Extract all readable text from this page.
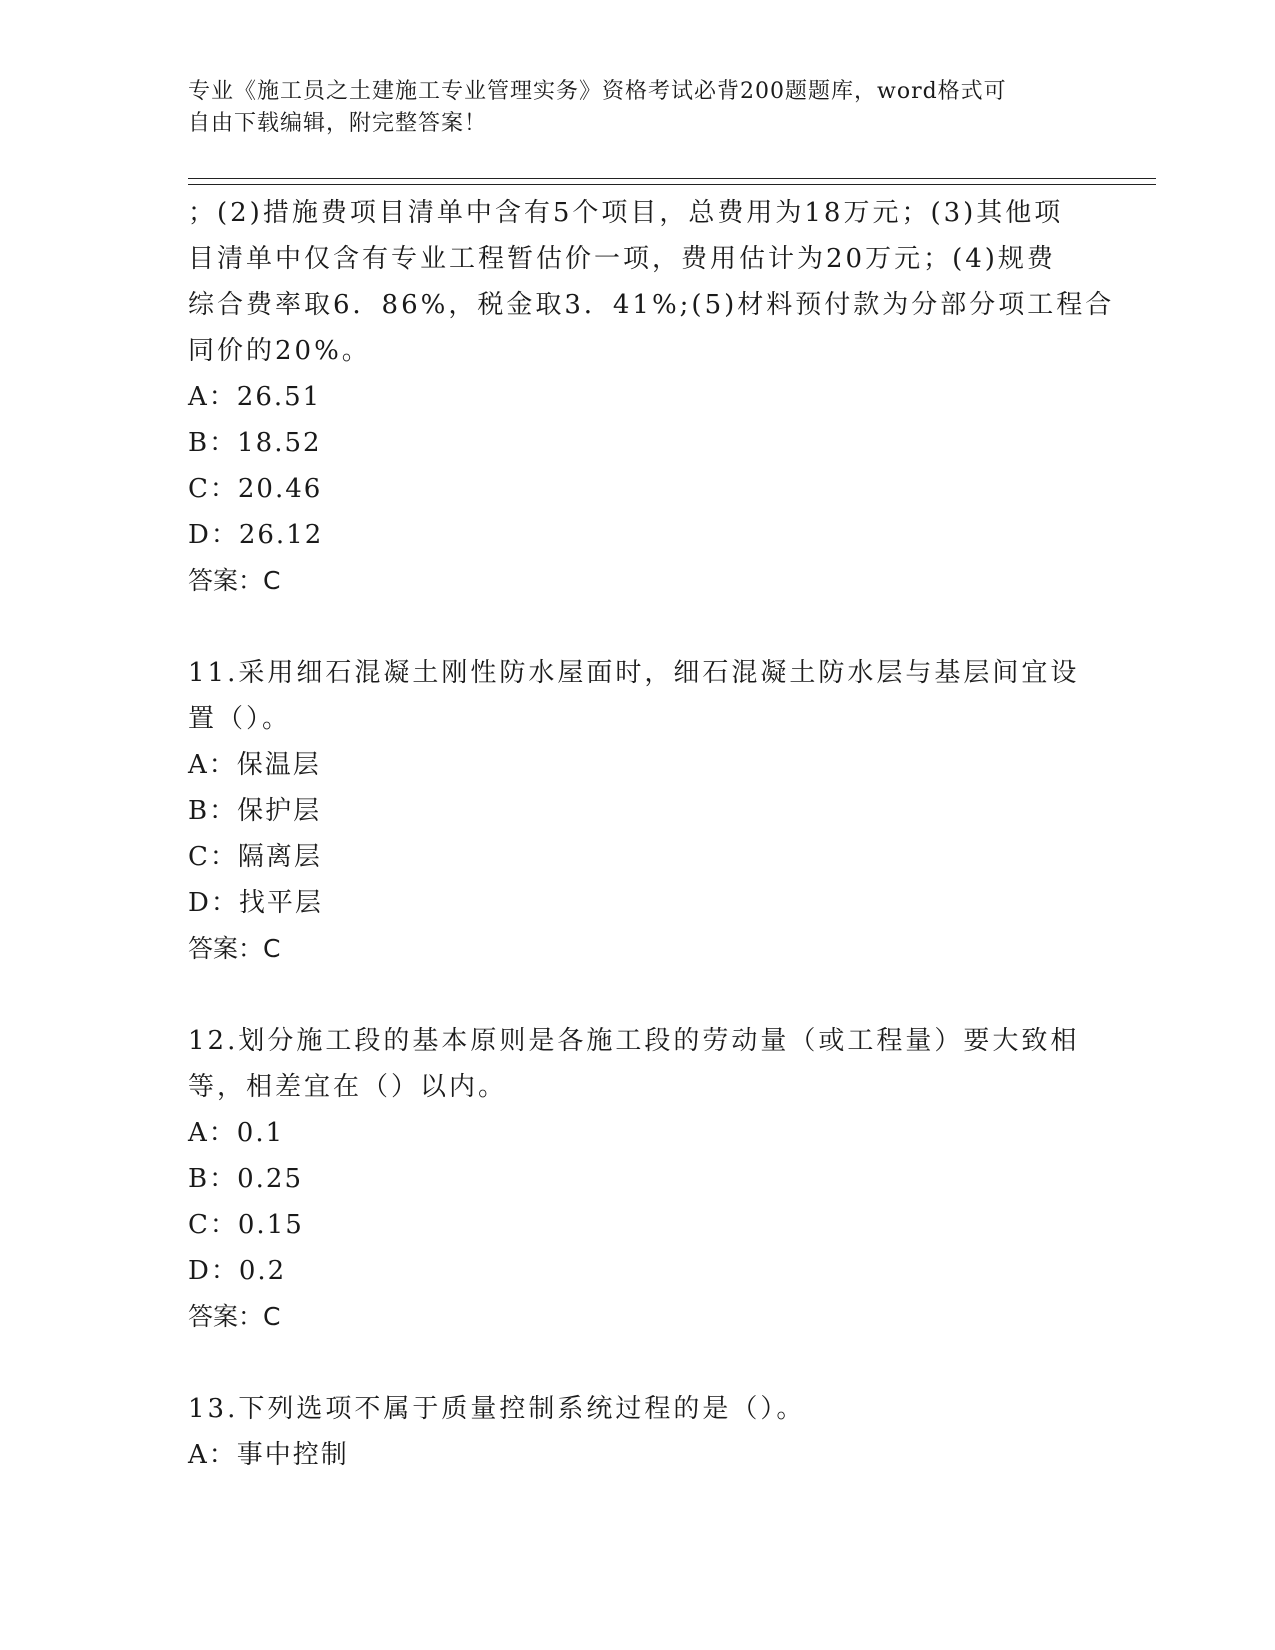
专业《施工员之土建施工专业管理实务》资格考试必背200题题库，word格式可
自由下载编辑，附完整答案！
；(2)措施费项目清单中含有5个项目，总费用为18万元；(3)其他项
目清单中仅含有专业工程暂估价一项，费用估计为20万元；(4)规费
综合费率取6．86%，税金取3．41%;(5)材料预付款为分部分项工程合
同价的20%。
A：26.51
B：18.52
C：20.46
D：26.12
答案：C
11.采用细石混凝土刚性防水屋面时，细石混凝土防水层与基层间宜设
置（）。
A：保温层
B：保护层
C：隔离层
D：找平层
答案：C
12.划分施工段的基本原则是各施工段的劳动量（或工程量）要大致相
等，相差宜在（）以内。
A：0.1
B：0.25
C：0.15
D：0.2
答案：C
13.下列选项不属于质量控制系统过程的是（）。
A：事中控制
